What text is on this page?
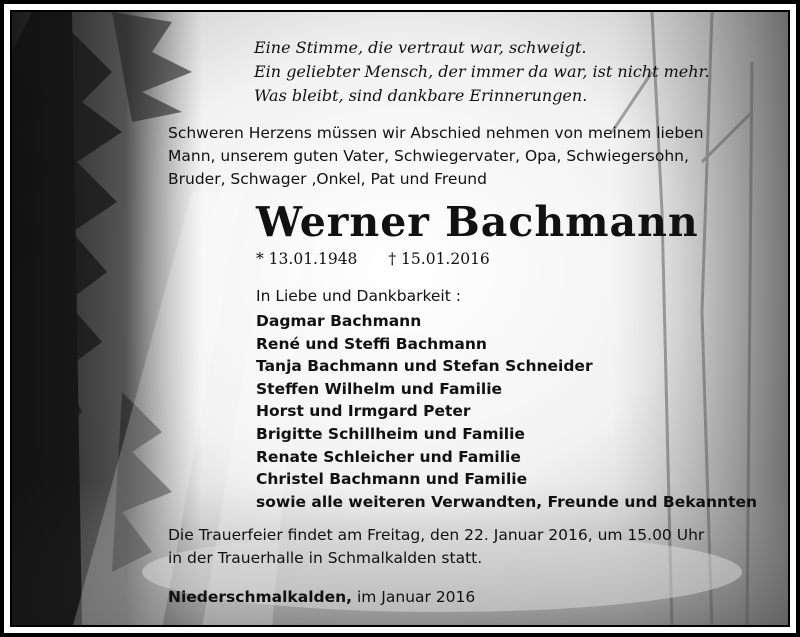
Eine Stimme, die vertraut war, schweigt.
Ein geliebter Mensch, der immer da war, ist nicht mehr.
Was bleibt, sind dankbare Erinnerungen.
Schweren Herzens müssen wir Abschied nehmen von meinem lieben
Mann, unserem guten Vater, Schwiegervater, Opa, Schwiegersohn,
Bruder, Schwager ,Onkel, Pat und Freund
Werner Bachmann
* 13.01.1948 † 15.01.2016
In Liebe und Dankbarkeit :
Dagmar Bachmann
René und Steffi Bachmann
Tanja Bachmann und Stefan Schneider
Steffen Wilhelm und Familie
Horst und Irmgard Peter
Brigitte Schillheim und Familie
Renate Schleicher und Familie
Christel Bachmann und Familie
sowie alle weiteren Verwandten, Freunde und Bekannten
Die Trauerfeier findet am Freitag, den 22. Januar 2016, um 15.00 Uhr
in der Trauerhalle in Schmalkalden statt.
Niederschmalkalden, im Januar 2016
